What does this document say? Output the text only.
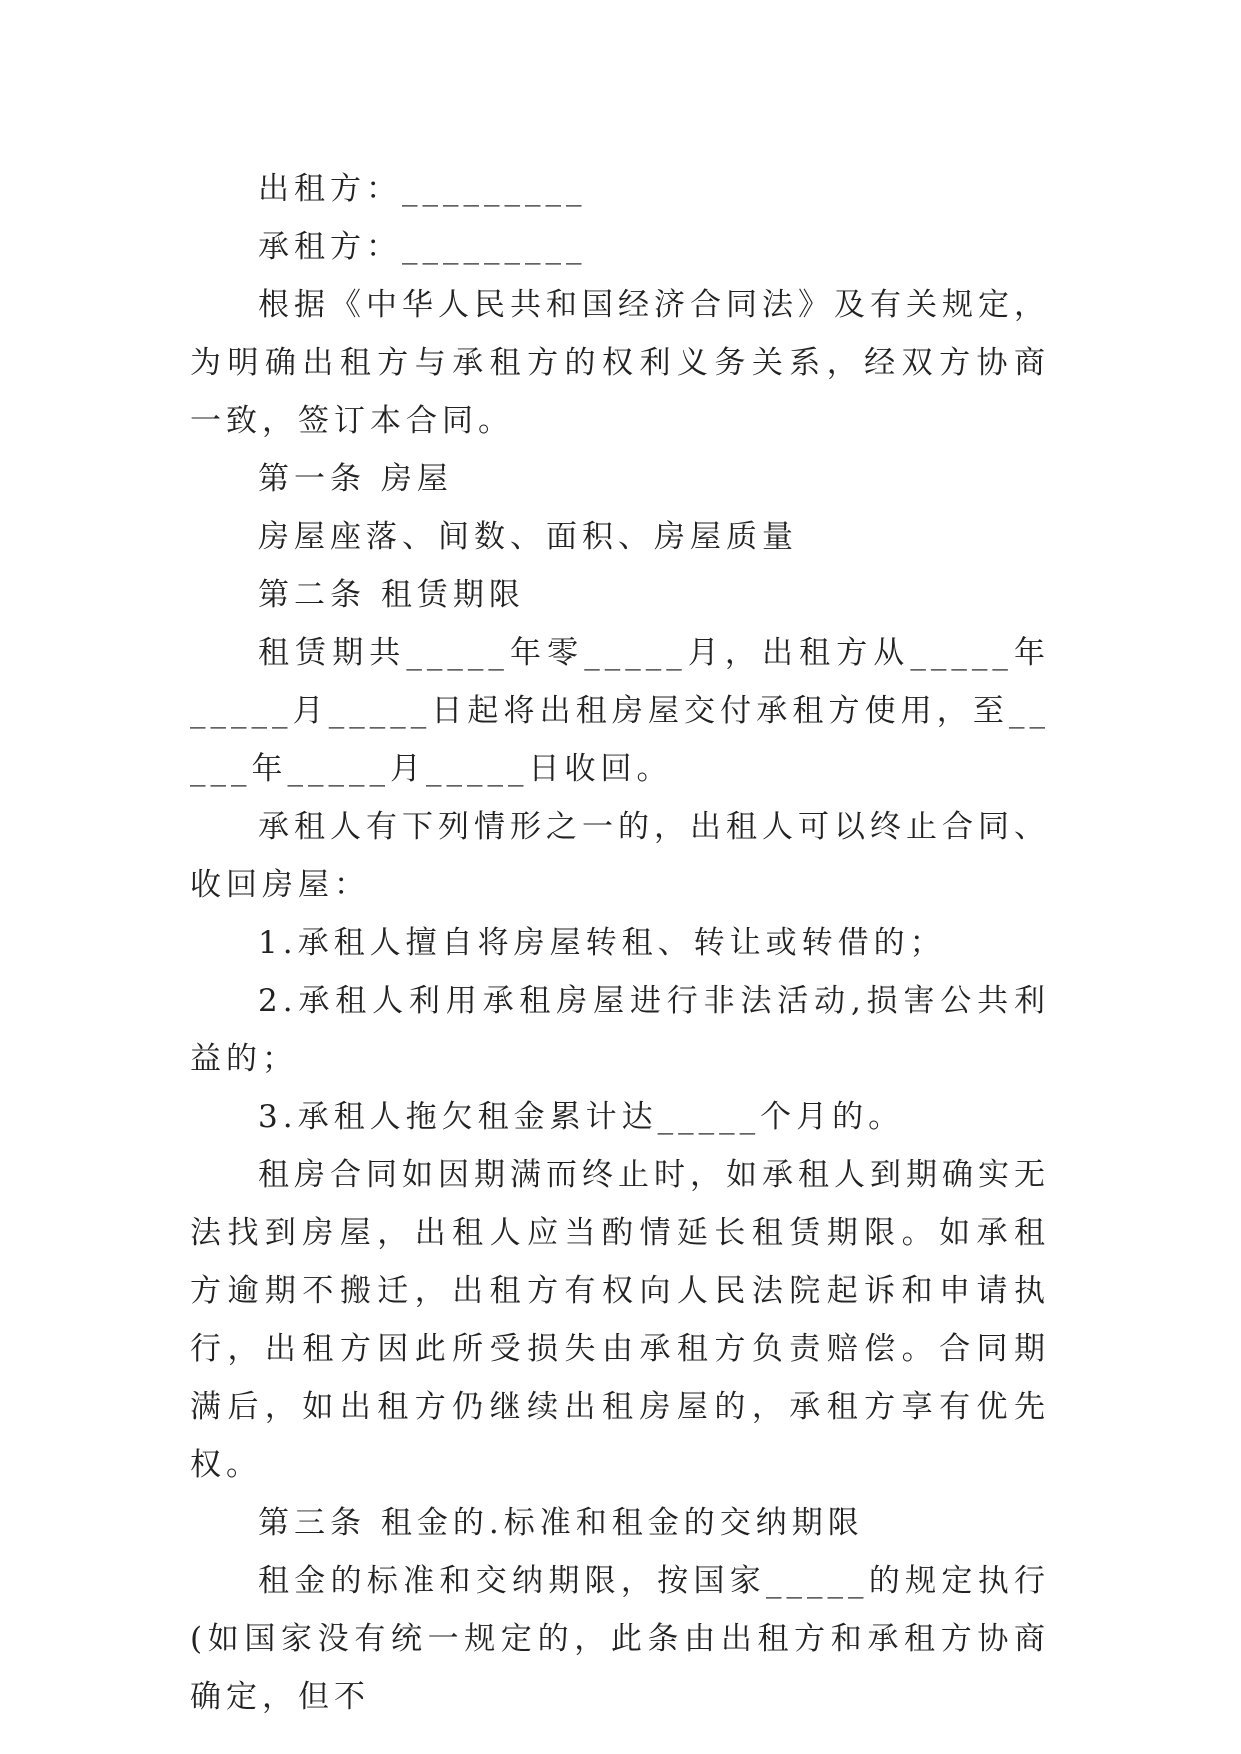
出租方：_________

承租方：_________

根据《中华人民共和国经济合同法》及有关规定，为明确出租方与承租方的权利义务关系，经双方协商一致，签订本合同。

第一条 房屋

房屋座落、间数、面积、房屋质量

第二条 租赁期限

租赁期共_____年零_____月，出租方从_____年_____月_____日起将出租房屋交付承租方使用，至_____年_____月_____日收回。

承租人有下列情形之一的，出租人可以终止合同、收回房屋：

1.承租人擅自将房屋转租、转让或转借的；

2.承租人利用承租房屋进行非法活动,损害公共利益的；

3.承租人拖欠租金累计达_____个月的。

租房合同如因期满而终止时，如承租人到期确实无法找到房屋，出租人应当酌情延长租赁期限。如承租方逾期不搬迁，出租方有权向人民法院起诉和申请执行，出租方因此所受损失由承租方负责赔偿。合同期满后，如出租方仍继续出租房屋的，承租方享有优先权。

第三条 租金的.标准和租金的交纳期限

租金的标准和交纳期限，按国家_____的规定执行(如国家没有统一规定的，此条由出租方和承租方协商确定，但不
